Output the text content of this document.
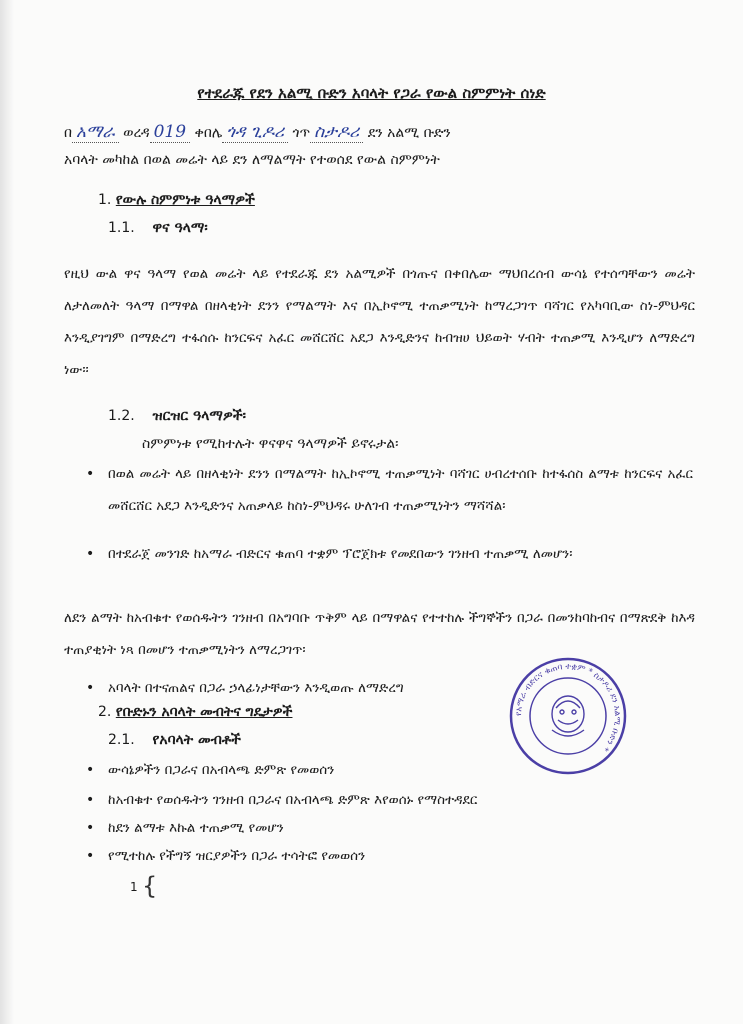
የተደራጁ የደን አልሚ ቡድን አባላት የጋራ የውል ስምምነት ሰነድ
በ አማራ ወረዳ 019 ቀበሌ ጎዳ ጊዶሪ ጎጥ ስታዶሪ ደን አልሚ ቡድን
አባላት መካከል በወል መሬት ላይ ደን ለማልማት የተወሰደ የውል ስምምነት
1. የውሉ ስምምነቱ ዓላማዎች
1.1. ዋና ዓላማ፡
የዚህ ውል ዋና ዓላማ የወል መሬት ላይ የተደራጁ ደን አልሚዎች በጎጡና በቀበሌው ማህበረሰብ ውሳኔ የተሰጣቸውን መሬት ለታለመለት ዓላማ በማዋል በዘላቂነት ደንን የማልማት እና በኢኮኖሚ ተጠቃሚነት ከማረጋገጥ ባሻገር የአካባቢው ስነ-ምህዳር እንዲያገግም በማድረግ ተፋሰሱ ከንርፍና አፈር መሸርሸር አደጋ እንዲድንና ከብዝሀ ህይወት ሃብት ተጠቃሚ እንዲሆን ለማድረግ ነው፡፡
1.2. ዝርዝር ዓላማዎች፡
ስምምነቱ የሚከተሉት ዋናዋና ዓላማዎች ይኖሩታል፡
• በወል መሬት ላይ በዘላቂነት ደንን በማልማት ከኢኮኖሚ ተጠቃሚነት ባሻገር ሀብረተሰቡ ከተፋሰስ ልማቱ ከንርፍና አፈር መሸርሸር አደጋ እንዲድንና አጠቃላይ ከስነ-ምህዳሩ ሁለገብ ተጠቃሚነትን ማሻሻል፡
• በተደራጀ መንገድ ከአማራ ብድርና ቁጠባ ተቋም ፕሮጀክቱ የመደበውን ገንዘብ ተጠቃሚ ለመሆን፡
ለደን ልማት ከአብቁተ የወሰዱትን ገንዘብ በአግባቡ ጥቅም ላይ በማዋልና የተተከሉ ችግኞችን በጋራ በመንከባከብና በማጽደቅ ከእዳ ተጠያቂነት ነጻ በመሆን ተጠቃሚነትን ለማረጋገጥ፡
• አባላት በተናጠልና በጋራ ኃላፊነታቸውን እንዲወጡ ለማድረግ
2. የቡድኑን አባላት መብትና ግዴታዎች
2.1. የአባላት መብቶች
• ውሳኔዎችን በጋራና በአብላጫ ድምጽ የመወሰን
• ከአብቁተ የወሰዱትን ገንዘብ በጋራና በአብላጫ ድምጽ እየወሰኑ የማስተዳደር
• ከደን ልማቱ እኩል ተጠቃሚ የመሆን
• የሚተከሉ የችግኝ ዝርያዎችን በጋራ ተሳትፎ የመወሰን
የአማራ ብድርና ቁጠባ ተቋም * ስታዶሪ ደን አልሚ ቡድን *
1 {
